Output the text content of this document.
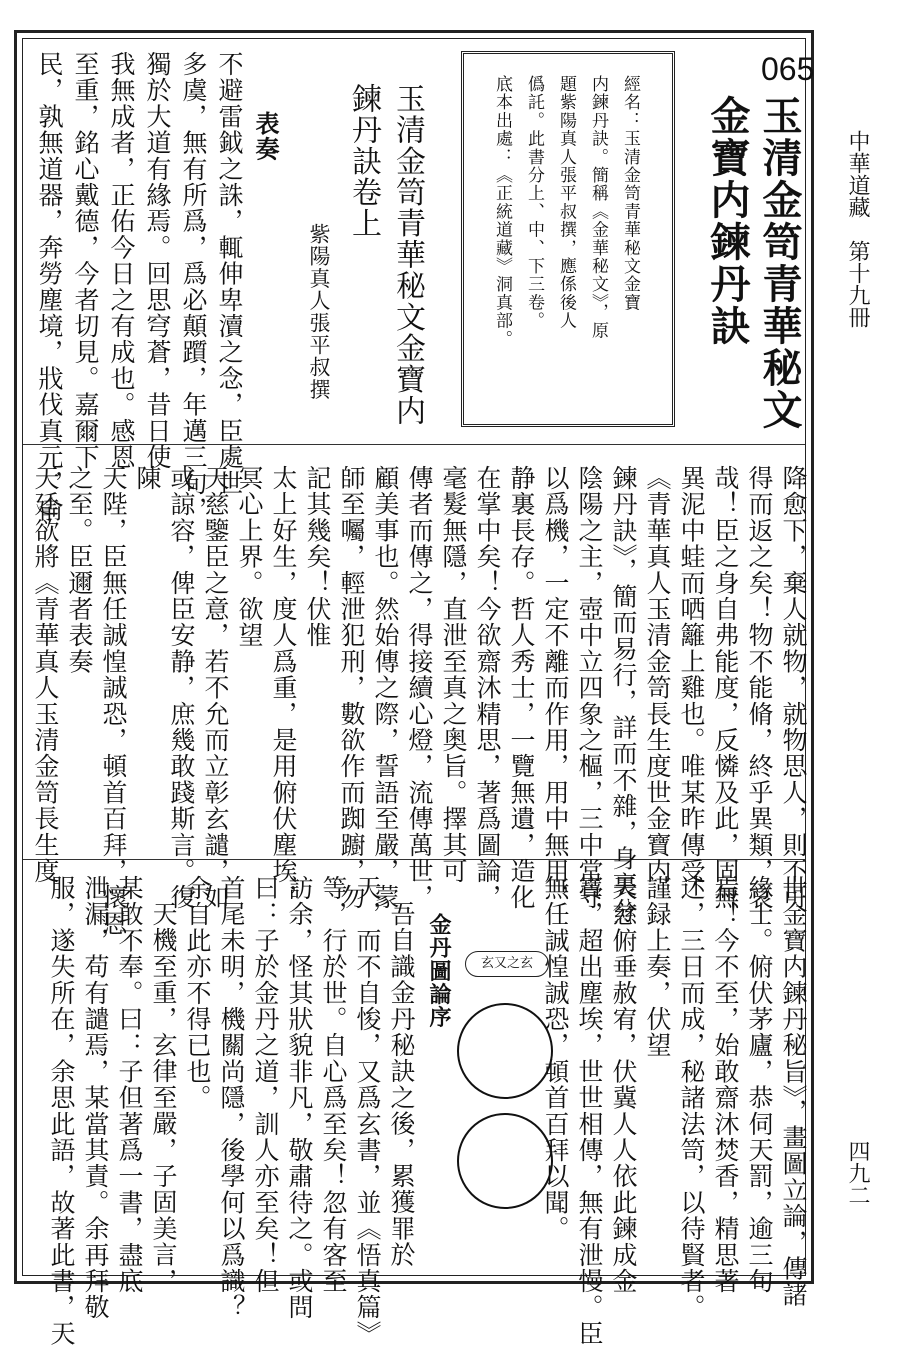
中華道藏　第十九冊
四九二
065
玉清金笥青華秘文
金寶内鍊丹訣
經名：玉清金笥青華秘文金寶
内鍊丹訣。簡稱《金華秘文》，原
題紫陽真人張平叔撰，應係後人
僞託。此書分上、中、下三卷。
底本出處：《正統道藏》洞真部。
玉清金笥青華秘文金寶内
鍊丹訣卷上
紫陽真人張平叔撰
表奏
不避雷鉞之誅，輒伸卑瀆之念，臣處世
多虞，無有所爲，爲必顛躓，年邁三旬，
獨於大道有緣焉。回思穹蒼，昔日使
我無成者，正佑今日之有成也。感恩
至重，銘心戴德，今者切見。嘉爾下
民，孰無道器，奔勞塵境，戕伐真元，俞
降愈下，棄人就物，就物思人，則不可
得而返之矣！物不能脩，終乎異類，哀
哉！臣之身自弗能度，反憐及此，固無
異泥中蛙而哂籬上雞也。唯某昨傳受
《青華真人玉清金笥長生度世金寶内
鍊丹訣》，簡而易行，詳而不雜，身裏分
陰陽之主，壺中立四象之樞，三中常守
以爲機，一定不離而作用，用中無用，
静裏長存。哲人秀士，一覽無遺，造化
在掌中矣！今欲齋沐精思，著爲圖論，
毫髮無隱，直泄至真之奥旨。擇其可
傳者而傳之，得接續心燈，流傳萬世，
顧美事也。然始傳之際，誓語至嚴，蒙
師至囑，輕泄犯刑，數欲作而踟躕，勿
記其幾矣！伏惟
太上好生，度人爲重，是用俯伏塵埃，
冥心上界。欲望
天慈鑒臣之意，若不允而立彰玄譴，如
或諒容，俾臣安静，庶幾敢踐斯言。復
陳
天陛，臣無任誠惶誠恐，頓首百拜，懷恩
之至。臣邇者表奏
天廷欲將《青華真人玉清金笥長生度
世金寶内鍊丹秘旨》，畫圖立論，傳諸
緣士。俯伏茅廬，恭伺天罰，逾三旬
焉！今不至，始敢齋沐焚香，精思著
述，三日而成，秘諸法笥，以待賢者。
謹録上奏，伏望
天慈俯垂赦宥，伏冀人人依此鍊成金
寶，超出塵埃，世世相傳，無有泄慢。臣
無任誠惶誠恐，頓首百拜以聞。
玄又之玄
金丹圖論序
吾自識金丹秘訣之後，累獲罪於
天，而不自悛，又爲玄書，並《悟真篇》
等，行於世。自心爲至矣！忽有客至
訪余，怪其狀貌非凡，敬肅待之。或問
曰：子於金丹之道，訓人亦至矣！但
首尾未明，機關尚隱，後學何以爲識？
余自此亦不得已也。
天機至重，玄律至嚴，子固美言，
某敢不奉。曰：子但著爲一書，盡底
泄漏，苟有譴焉，某當其責。余再拜敬
服，遂失所在，余思此語，故著此書，天
